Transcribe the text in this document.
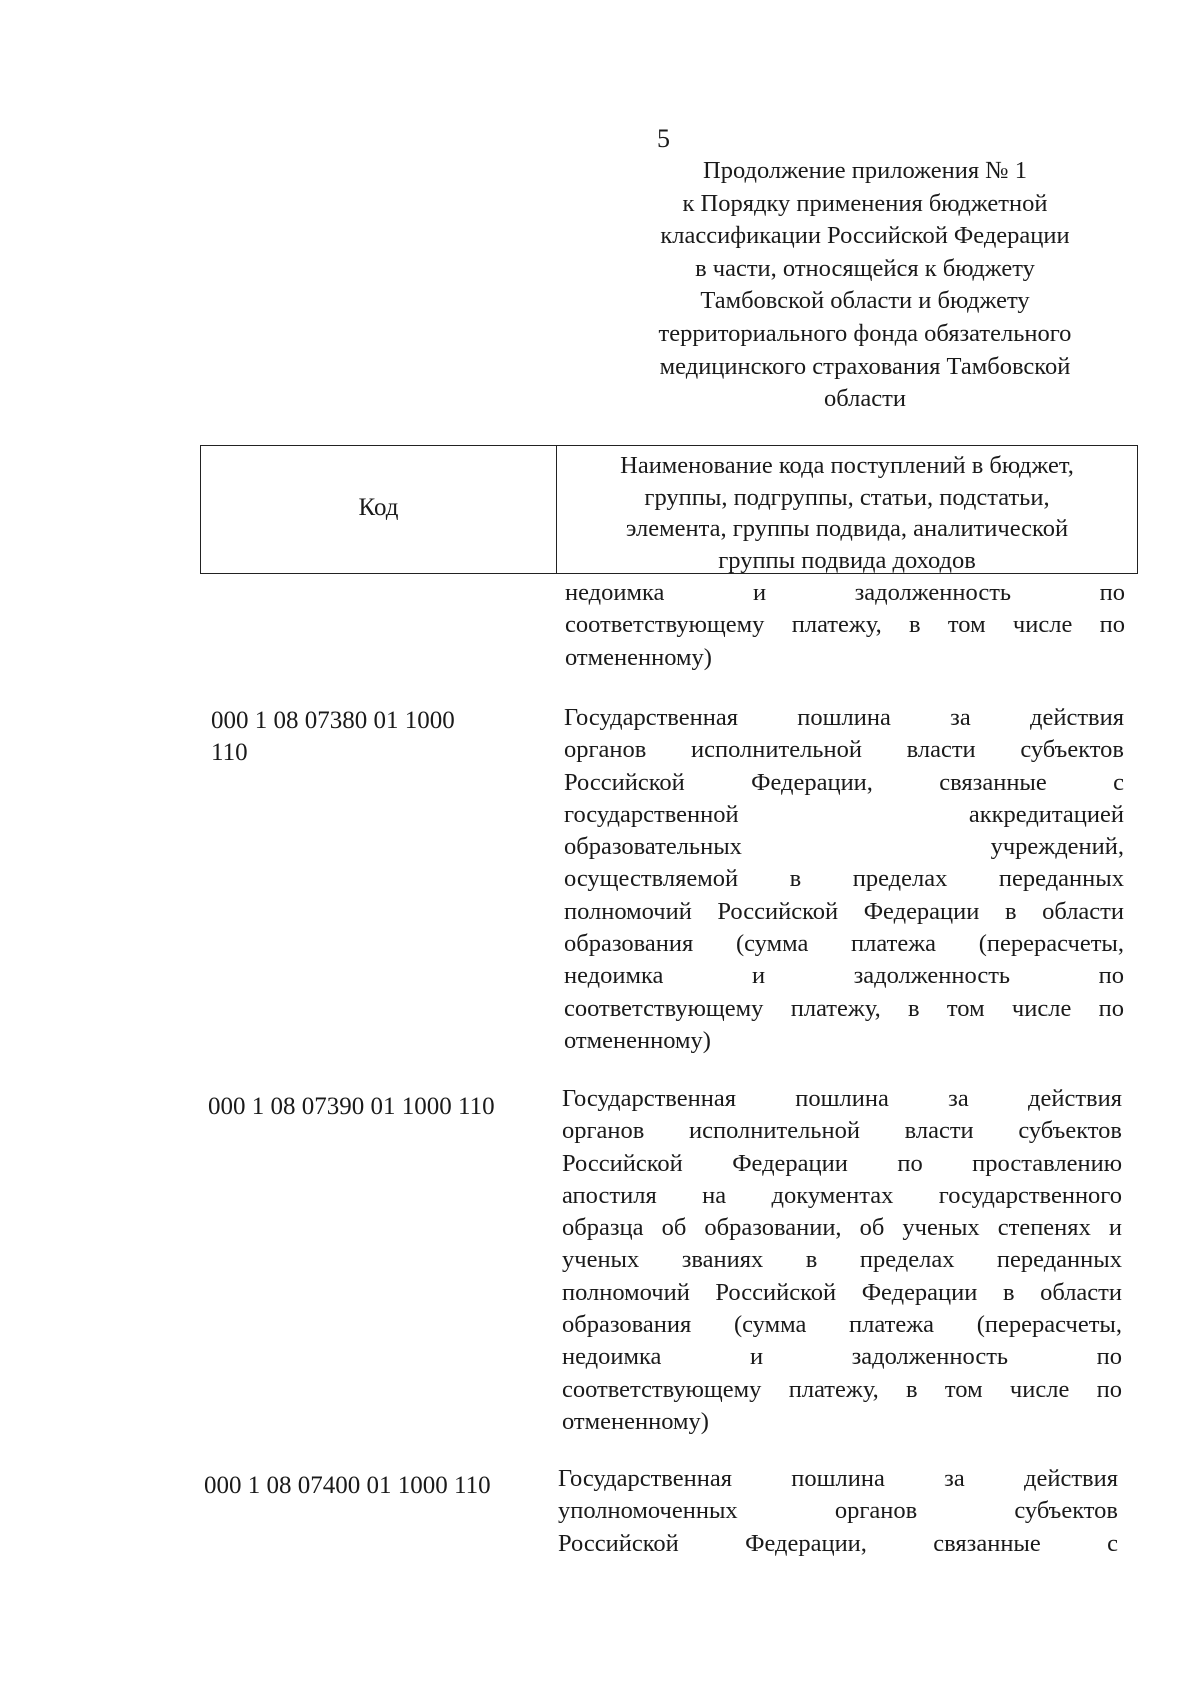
5
Продолжение приложения № 1
к Порядку применения бюджетной
классификации Российской Федерации
в части, относящейся к бюджету
Тамбовской области и бюджету
территориального фонда обязательного
медицинского страхования Тамбовской
области
Код
Наименование кода поступлений в бюджет,
группы, подгруппы, статьи, подстатьи,
элемента, группы подвида, аналитической
группы подвида доходов
недоимка и задолженность по
соответствующему платежу, в том числе по
отмененному)
000 1 08 07380 01 1000
110
Государственная пошлина за действия
органов исполнительной власти субъектов
Российской Федерации, связанные с
государственной аккредитацией
образовательных учреждений,
осуществляемой в пределах переданных
полномочий Российской Федерации в области
образования (сумма платежа (перерасчеты,
недоимка и задолженность по
соответствующему платежу, в том числе по
отмененному)
000 1 08 07390 01 1000 110	Государственная пошлина за действия
органов исполнительной власти субъектов
Российской Федерации по проставлению
апостиля на документах государственного
образца об образовании, об ученых степенях и
ученых званиях в пределах переданных
полномочий Российской Федерации в области
образования (сумма платежа (перерасчеты,
недоимка и задолженность по
соответствующему платежу, в том числе по
отмененному)
000 1 08 07400 01 1000 110	Государственная пошлина за действия
уполномоченных органов субъектов
Российской Федерации, связанные с
